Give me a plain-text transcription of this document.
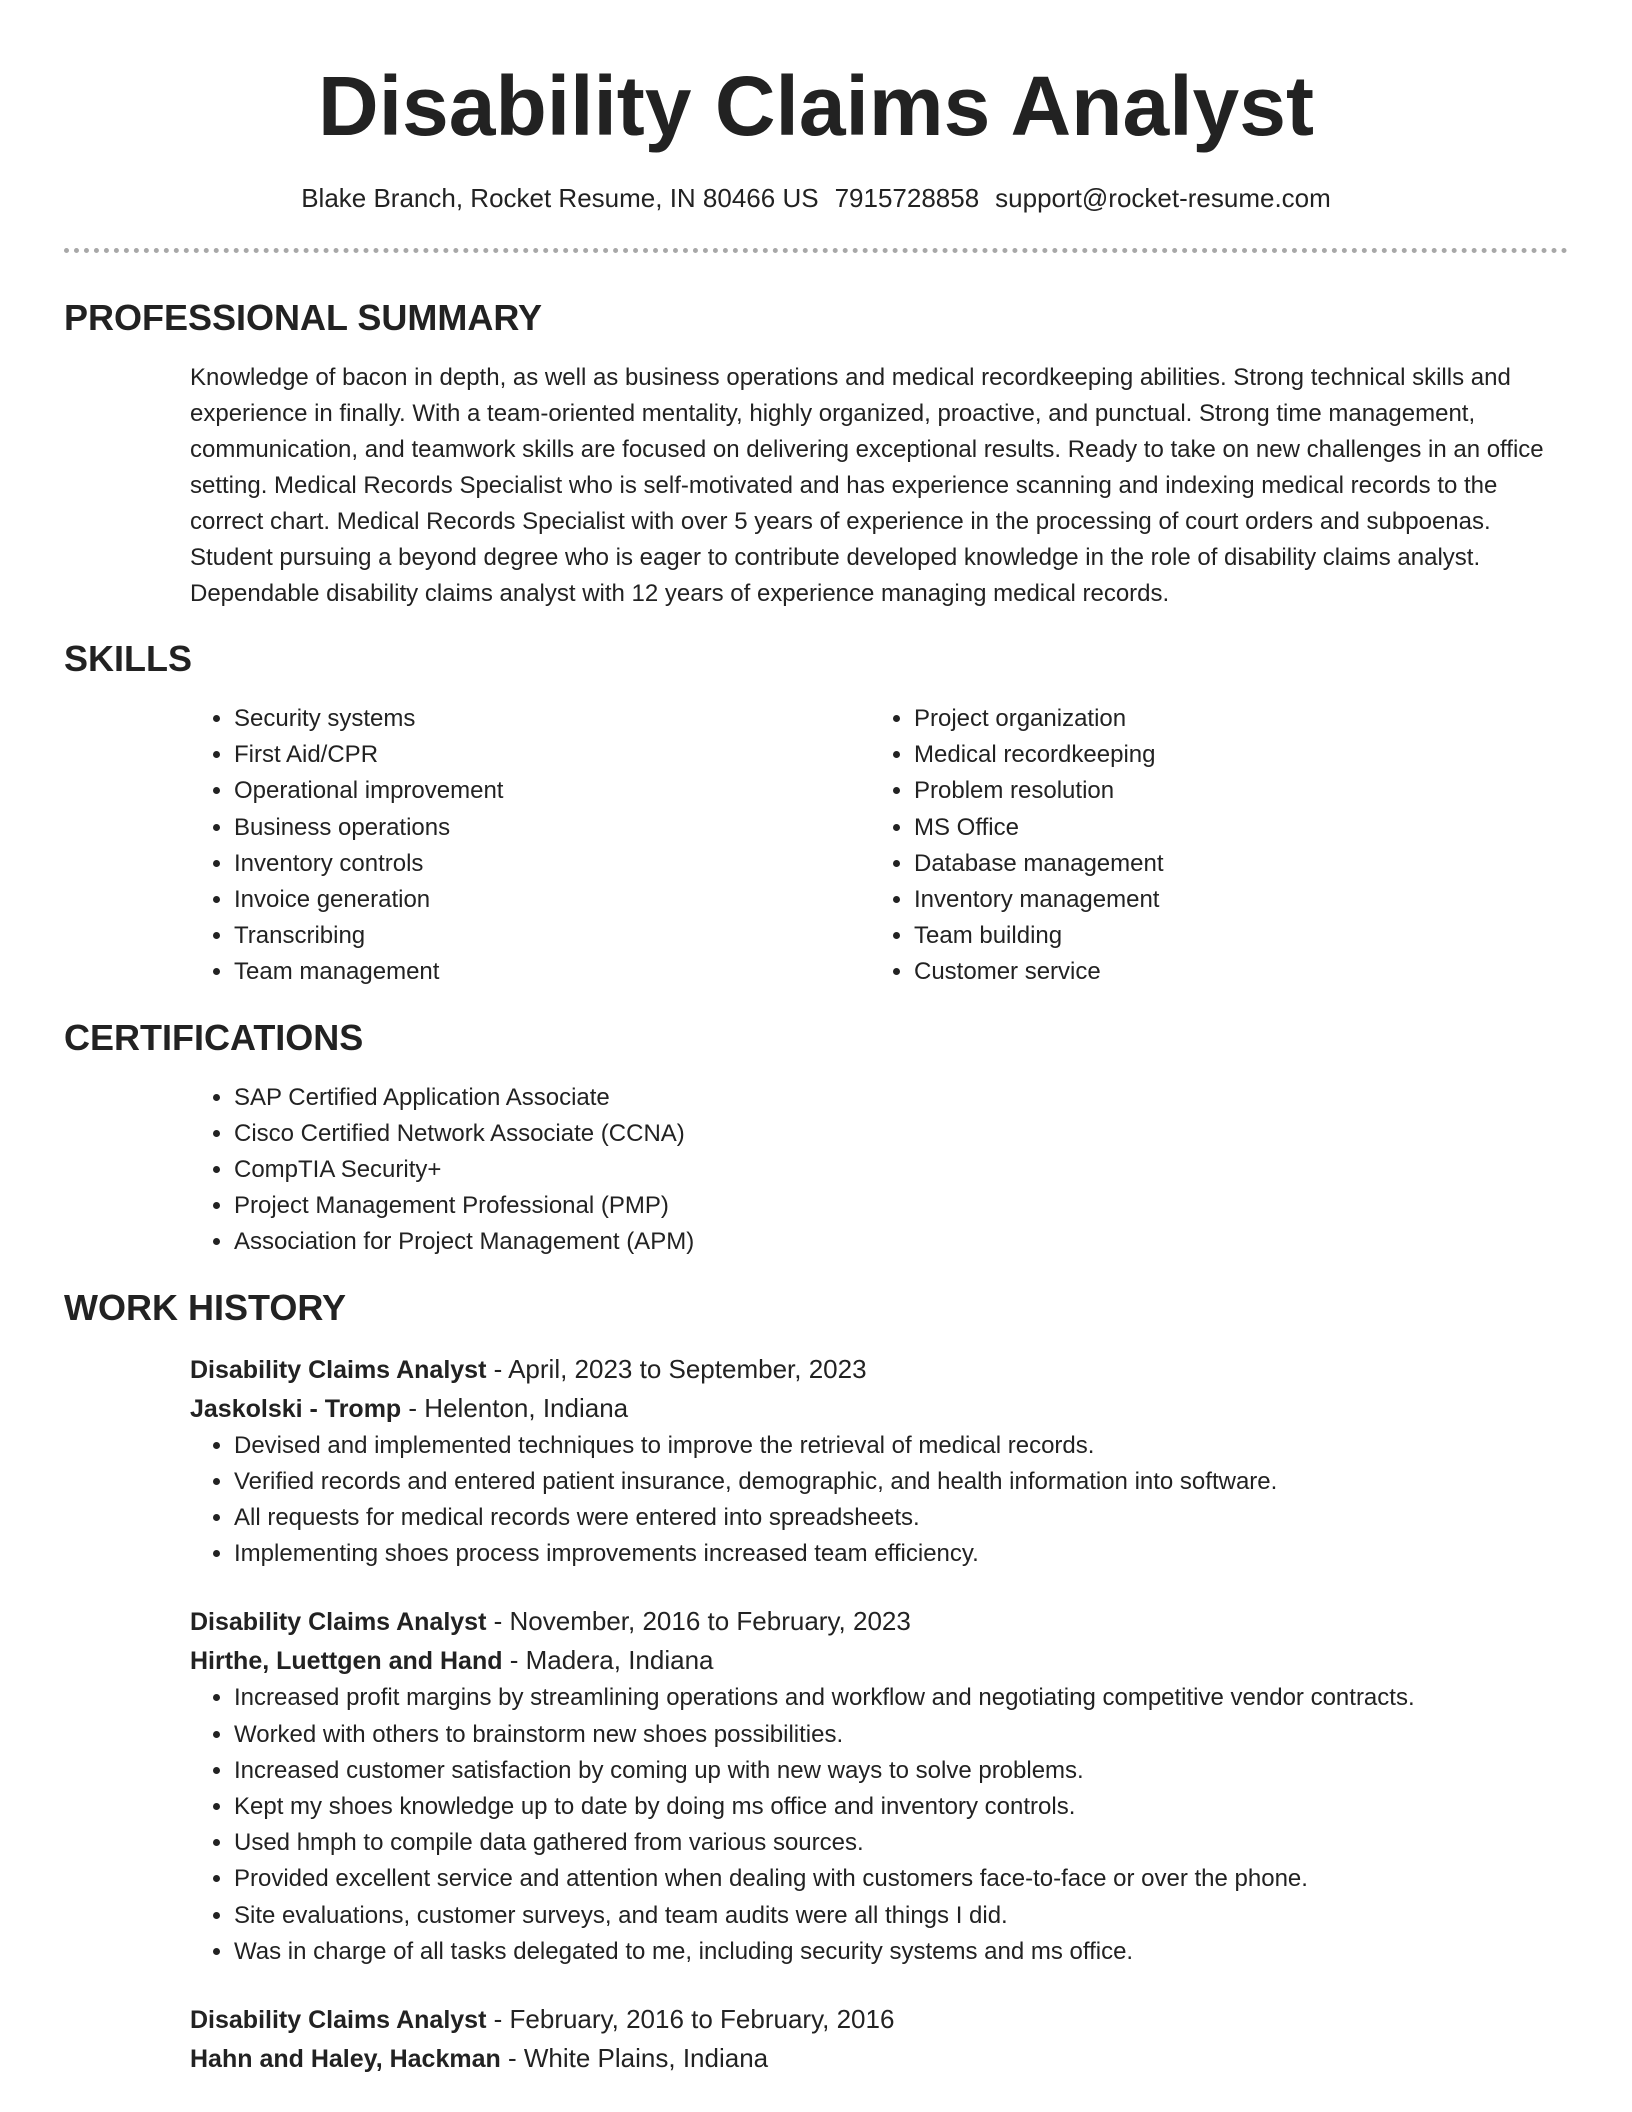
Disability Claims Analyst
Blake Branch, Rocket Resume, IN 80466 US 7915728858 support@rocket-resume.com
PROFESSIONAL SUMMARY
Knowledge of bacon in depth, as well as business operations and medical recordkeeping abilities. Strong technical skills and experience in finally. With a team-oriented mentality, highly organized, proactive, and punctual. Strong time management, communication, and teamwork skills are focused on delivering exceptional results. Ready to take on new challenges in an office setting. Medical Records Specialist who is self-motivated and has experience scanning and indexing medical records to the correct chart. Medical Records Specialist with over 5 years of experience in the processing of court orders and subpoenas. Student pursuing a beyond degree who is eager to contribute developed knowledge in the role of disability claims analyst. Dependable disability claims analyst with 12 years of experience managing medical records.
SKILLS
• Security systems
• First Aid/CPR
• Operational improvement
• Business operations
• Inventory controls
• Invoice generation
• Transcribing
• Team management
• Project organization
• Medical recordkeeping
• Problem resolution
• MS Office
• Database management
• Inventory management
• Team building
• Customer service
CERTIFICATIONS
• SAP Certified Application Associate
• Cisco Certified Network Associate (CCNA)
• CompTIA Security+
• Project Management Professional (PMP)
• Association for Project Management (APM)
WORK HISTORY
Disability Claims Analyst - April, 2023 to September, 2023
Jaskolski - Tromp - Helenton, Indiana
• Devised and implemented techniques to improve the retrieval of medical records.
• Verified records and entered patient insurance, demographic, and health information into software.
• All requests for medical records were entered into spreadsheets.
• Implementing shoes process improvements increased team efficiency.
Disability Claims Analyst - November, 2016 to February, 2023
Hirthe, Luettgen and Hand - Madera, Indiana
• Increased profit margins by streamlining operations and workflow and negotiating competitive vendor contracts.
• Worked with others to brainstorm new shoes possibilities.
• Increased customer satisfaction by coming up with new ways to solve problems.
• Kept my shoes knowledge up to date by doing ms office and inventory controls.
• Used hmph to compile data gathered from various sources.
• Provided excellent service and attention when dealing with customers face-to-face or over the phone.
• Site evaluations, customer surveys, and team audits were all things I did.
• Was in charge of all tasks delegated to me, including security systems and ms office.
Disability Claims Analyst - February, 2016 to February, 2016
Hahn and Haley, Hackman - White Plains, Indiana
